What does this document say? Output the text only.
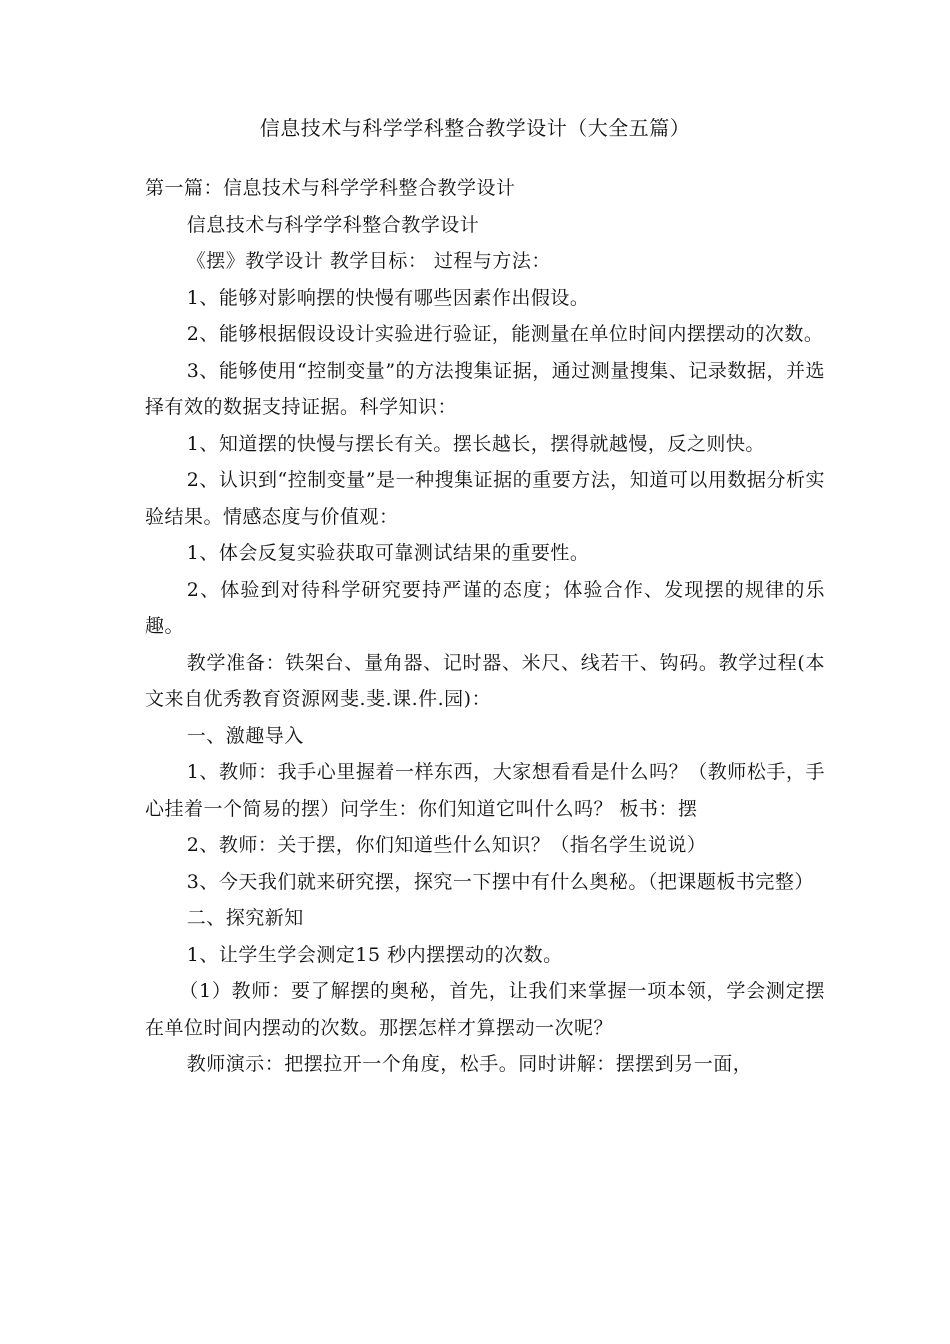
信息技术与科学学科整合教学设计（大全五篇）

第一篇：信息技术与科学学科整合教学设计

信息技术与科学学科整合教学设计

《摆》教学设计 教学目标： 过程与方法：

1、能够对影响摆的快慢有哪些因素作出假设。

2、能够根据假设设计实验进行验证，能测量在单位时间内摆摆动的次数。

3、能够使用“控制变量”的方法搜集证据，通过测量搜集、记录数据，并选择有效的数据支持证据。科学知识：

1、知道摆的快慢与摆长有关。摆长越长，摆得就越慢，反之则快。

2、认识到“控制变量”是一种搜集证据的重要方法，知道可以用数据分析实验结果。情感态度与价值观：

1、体会反复实验获取可靠测试结果的重要性。

2、体验到对待科学研究要持严谨的态度；体验合作、发现摆的规律的乐趣。

教学准备：铁架台、量角器、记时器、米尺、线若干、钩码。教学过程(本文来自优秀教育资源网斐.斐.课.件.园)：

一、激趣导入

1、教师：我手心里握着一样东西，大家想看看是什么吗？（教师松手，手心挂着一个简易的摆）问学生：你们知道它叫什么吗？ 板书：摆

2、教师：关于摆，你们知道些什么知识？（指名学生说说）

3、今天我们就来研究摆，探究一下摆中有什么奥秘。（把课题板书完整）

二、探究新知

1、让学生学会测定15 秒内摆摆动的次数。

（1）教师：要了解摆的奥秘，首先，让我们来掌握一项本领，学会测定摆在单位时间内摆动的次数。那摆怎样才算摆动一次呢？

教师演示：把摆拉开一个角度，松手。同时讲解：摆摆到另一面，
